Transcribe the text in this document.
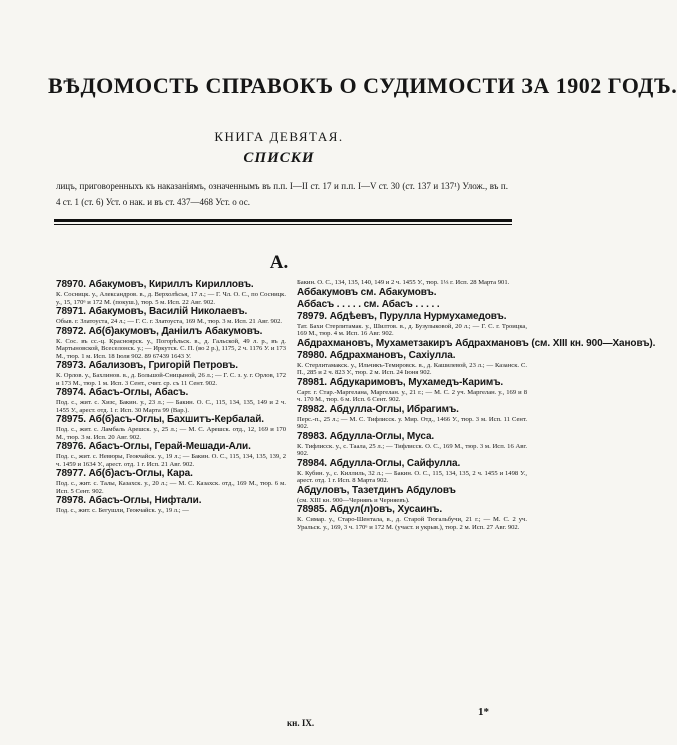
ВѢДОМОСТЬ СПРАВОКЪ О СУДИМОСТИ ЗА 1902 ГОДЪ.
КНИГА ДЕВЯТАЯ.
СПИСКИ
лицъ, приговоренныхъ къ наказаніямъ, означеннымъ въ п.п. I—II ст. 17 и п.п. I—V ст. 30 (ст. 137 и 137¹) Улож., въ п. 4 ст. 1 (ст. 6) Уст. о нак. и въ ст. 437—468 Уст. о ос.
А.
78970. Абакумовъ, Кириллъ Кирилловъ.
К. Сосницк. у., Александров. в., д. Верхолѣсья, 17 л.; — Г. Чл. О. С., по Сосницк. у., 15, 170⁶ и 172 М. (покуш.), тюр. 5 м. Исп. 22 Авг. 902.
78971. Абакумовъ, Василій Николаевъ.
Обыв. г. Златоуста, 24 л.; — Г. С. г. Златоуста, 169 М., тюр. 3 м. Исп. 21 Авг. 902.
78972. Аб(б)акумовъ, Даніилъ Абакумовъ.
К. Сос. въ сс.-ц. Красноярск. у., Погорѣльск. в., д. Гальской, 49 л. р., въ д. Мартыновской, Всеселонск. у.; — Иркутск. С. П. (во 2 р.), 1175, 2 ч. 1176 У. и 173 М., тюр. 1 м. Исп. 18 Іюля 902. 89 67439 1643 У.
78973. Абализовъ, Григорій Петровъ.
К. Орлов. у., Бахлинов. в., д. Большой-Сницыной, 26 л.; — Г. С. з. у. г. Орлов, 172 и 173 М., тюр. 1 м. Исп. 3 Сент., счит. ср. съ 11 Сент. 902.
78974. Абасъ-Оглы, Абасъ.
Под. с., жит. с. Хизс, Бакин. у., 23 л.; — Бакин. О. С., 115, 134, 135, 149 и 2 ч. 1455 У., арест. отд. 1 г. Исп. 30 Марта 99 (Вар.).
78975. Аб(б)асъ-Оглы, Бахшитъ-Кербалай.
Под. с., жит. с. Ламбаль Арешск. у., 25 л.; — М. С. Арешск. отд., 12, 169 и 170 М., тюр. 3 м. Исп. 20 Авг. 902.
78976. Абасъ-Оглы, Герай-Мешади-Али.
Под. с., жит. с. Невюры, Геокчайск. у., 19 л.; — Бакин. О. С., 115, 134, 135, 139, 2 ч. 1459 и 1634 У., арест. отд. 1 г. Исп. 21 Авг. 902.
78977. Аб(б)асъ-Оглы, Кара.
Под. с., жит. с. Талы, Казахск. у., 20 л.; — М. С. Казахск. отд., 169 М., тюр. 6 м. Исп. 5 Сент. 902.
78978. Абасъ-Оглы, Нифтали.
Под. с., жит. с. Бегушли, Геокчайск. у., 19 л.; —
Бакин. О. С., 134, 135, 140, 149 и 2 ч. 1455 У., тюр. 1⅓ г. Исп. 28 Марта 901.
Аббакумовъ см. Абакумовъ.
Аббасъ . . . . . см. Абасъ . . . . .
78979. Абдѣевъ, Пурулла Нурмухамедовъ.
Тат. Бахи Стерлитамак. у., Шилтов. в., д. Бузулыковой, 20 л.; — Г. С. г. Троицка, 169 М., тюр. 4 м. Исп. 16 Авг. 902.
Абдрахмановъ, Мухаметзакиръ Абдрахмановъ (см. XIII кн. 900—Хановъ).
78980. Абдрахмановъ, Сахіулла.
К. Стерлитамакск. у., Ильчикъ-Темировск. в., д. Кашилевой, 23 л.; — Казанск. С. П., 285 и 2 ч. 823 У., тюр. 2 м. Исп. 24 Іюня 902.
78981. Абдукаримовъ, Мухамедъ-Каримъ.
Сарт. г. Стар.-Маргелана, Маргелан. у., 21 г.; — М. С. 2 уч. Маргелан. у., 169 и 8 ч. 170 М., тюр. 6 м. Исп. 6 Сент. 902.
78982. Абдулла-Оглы, Ибрагимъ.
Перс.-п., 25 л.; — М. С. Тифлисск. у. Мир. Отд., 1466 У., тюр. 3 м. Исп. 11 Сент. 902.
78983. Абдулла-Оглы, Муса.
К. Тифлисск. у., с. Таала, 25 л.; — Тифлисск. О. С., 169 М., тюр. 3 м. Исп. 16 Авг. 902.
78984. Абдулла-Оглы, Сайфулла.
К. Кубин. у., с. Киллиль, 32 л.; — Бакин. О. С., 115, 134, 135, 2 ч. 1455 и 1498 У., арест. отд. 1 г. Исп. 8 Марта 902.
Абдуловъ, Тазетдинъ Абдуловъ
(см. XIII кн. 900—Чернявъ и Черняевъ).
78985. Абдул(л)овъ, Хусаинъ.
К. Симар. у., Старо-Шентала, в., д. Старой Тюгальбучи, 21 г.; — М. С. 2 уч. Уральск. у., 169, 3 ч. 170⁶ и 172 М. (участ. и укрыв.), тюр. 2 м. Исп. 27 Авг. 902.
кн. IX.
1*
